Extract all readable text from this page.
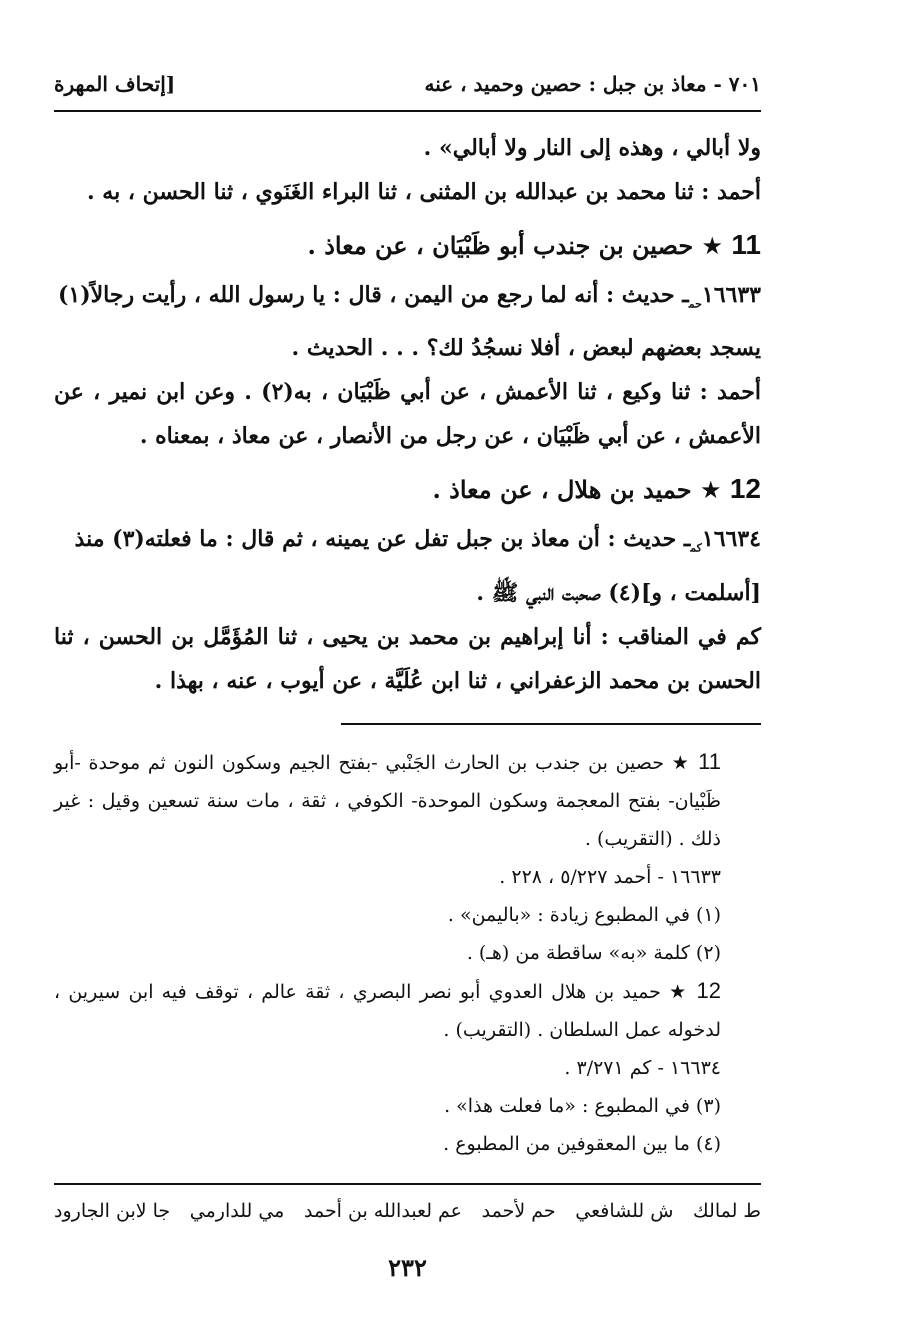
٧٠١ - معاذ بن جبل : حصين وحميد ، عنه
[إتحاف المهرة

ولا أبالي ، وهذه إلى النار ولا أبالي» .

أحمد : ثنا محمد بن عبدالله بن المثنى ، ثنا البراء الغَنَوي ، ثنا الحسن ، به .

11 ★ حصين بن جندب أبو ظَبْيَان ، عن معاذ .

$١٦٦٣٣_{حم}ـ$ حديث : أنه لما رجع من اليمن ، قال : يا رسول الله ، رأيت رجالاً(١)

يسجد بعضهم لبعض ، أفلا نسجُدُ لك؟ . . . الحديث .

أحمد : ثنا وكيع ، ثنا الأعمش ، عن أبي ظَبْيَان ، به(٢) . وعن ابن نمير ، عن الأعمش ، عن أبي ظَبْيَان ، عن رجل من الأنصار ، عن معاذ ، بمعناه .

12 ★ حميد بن هلال ، عن معاذ .

$١٦٦٣٤_{كم}ـ$ حديث : أن معاذ بن جبل تفل عن يمينه ، ثم قال : ما فعلته(٣) منذ

[أسلمت ، و](٤) صحبت النبي ﷺ .

كم في المناقب : أنا إبراهيم بن محمد بن يحيى ، ثنا المُؤَمَّل بن الحسن ، ثنا الحسن بن محمد الزعفراني ، ثنا ابن عُلَيَّة ، عن أيوب ، عنه ، بهذا .

11 ★ حصين بن جندب بن الحارث الجَنْبي -بفتح الجيم وسكون النون ثم موحدة -أبو ظَبْيان- بفتح المعجمة وسكون الموحدة- الكوفي ، ثقة ، مات سنة تسعين وقيل : غير ذلك . (التقريب) .

١٦٦٣٣ - أحمد ٥/٢٢٧ ، ٢٢٨ .

(١) في المطبوع زيادة : «باليمن» .

(٢) كلمة «به» ساقطة من (هـ) .

12 ★ حميد بن هلال العدوي أبو نصر البصري ، ثقة عالم ، توقف فيه ابن سيرين ، لدخوله عمل السلطان . (التقريب) .

١٦٦٣٤ - كم ٣/٢٧١ .

(٣) في المطبوع : «ما فعلت هذا» .

(٤) ما بين المعقوفين من المطبوع .

ط لمالك
ش للشافعي
حم لأحمد
عم لعبدالله بن أحمد
مي للدارمي
جا لابن الجارود
٢٣٢
